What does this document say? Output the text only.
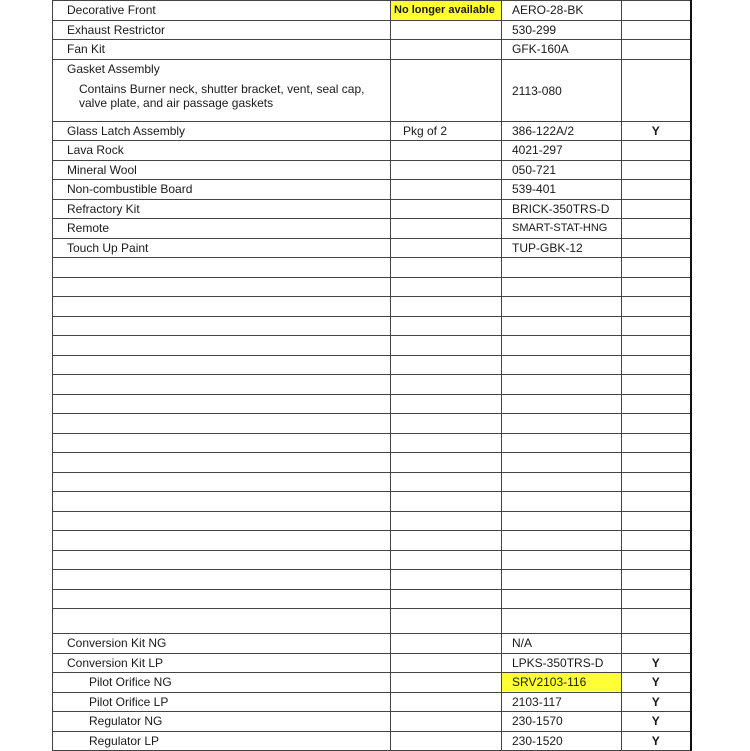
Decorative Front	No longer available	AERO-28-BK	
Exhaust Restrictor		530-299	
Fan Kit		GFK-160A	
Gasket Assembly
Contains Burner neck, shutter bracket, vent, seal cap, valve plate, and air passage gaskets		2113-080	
Glass Latch Assembly	Pkg of 2	386-122A/2	Y
Lava Rock		4021-297	
Mineral Wool		050-721	
Non-combustible Board		539-401	
Refractory Kit		BRICK-350TRS-D	
Remote		SMART-STAT-HNG	
Touch Up Paint		TUP-GBK-12	

Conversion Kit NG		N/A	
Conversion Kit LP		LPKS-350TRS-D	Y
Pilot Orifice NG		SRV2103-116	Y
Pilot Orifice LP		2103-117	Y
Regulator NG		230-1570	Y
Regulator LP		230-1520	Y
